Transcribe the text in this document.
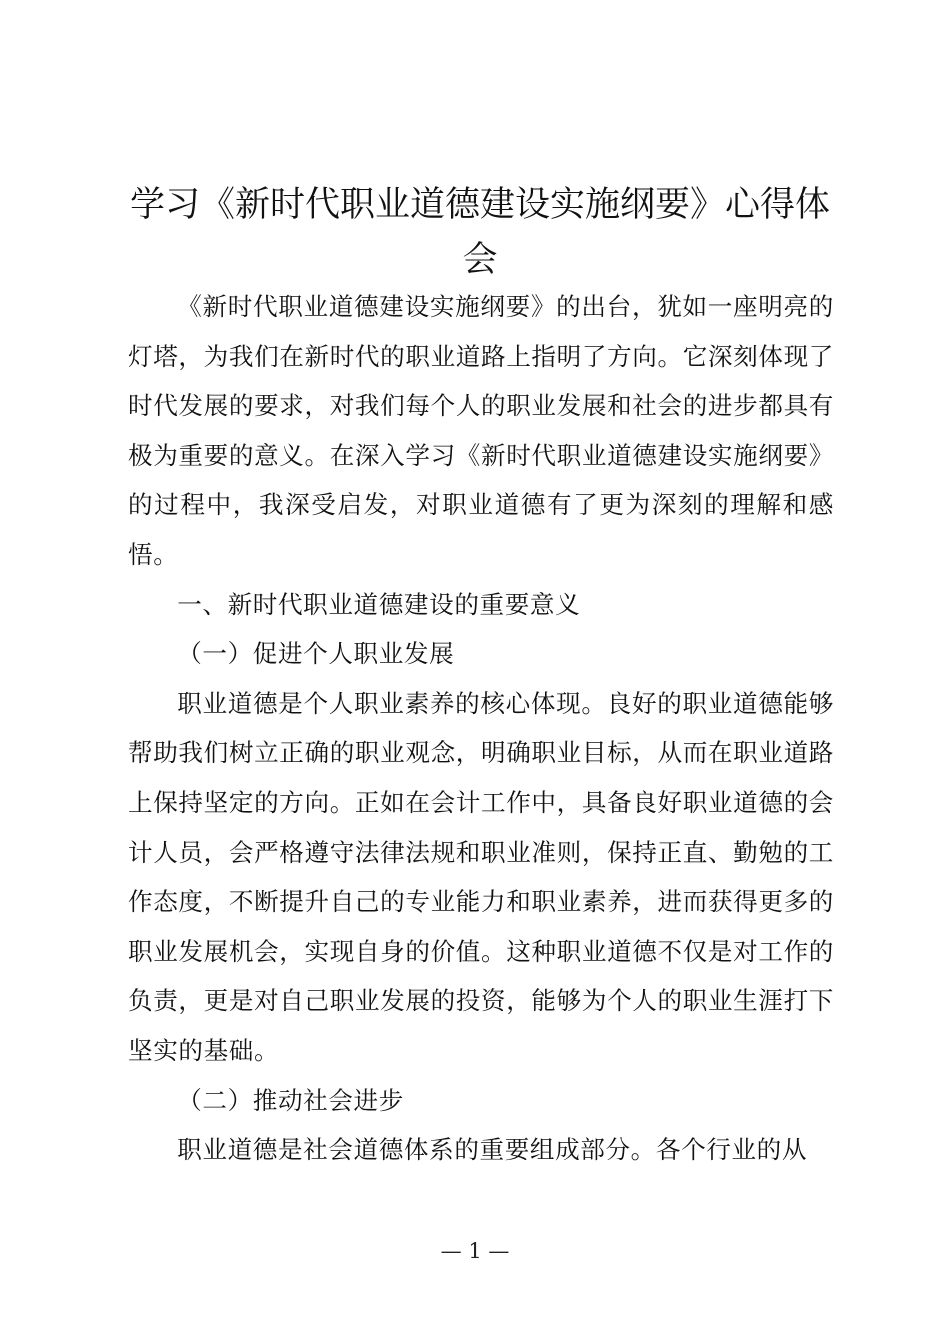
学习《新时代职业道德建设实施纲要》心得体会

《新时代职业道德建设实施纲要》的出台，犹如一座明亮的灯塔，为我们在新时代的职业道路上指明了方向。它深刻体现了时代发展的要求，对我们每个人的职业发展和社会的进步都具有极为重要的意义。在深入学习《新时代职业道德建设实施纲要》的过程中，我深受启发，对职业道德有了更为深刻的理解和感悟。

一、新时代职业道德建设的重要意义

（一）促进个人职业发展

职业道德是个人职业素养的核心体现。良好的职业道德能够帮助我们树立正确的职业观念，明确职业目标，从而在职业道路上保持坚定的方向。正如在会计工作中，具备良好职业道德的会计人员，会严格遵守法律法规和职业准则，保持正直、勤勉的工作态度，不断提升自己的专业能力和职业素养，进而获得更多的职业发展机会，实现自身的价值。这种职业道德不仅是对工作的负责，更是对自己职业发展的投资，能够为个人的职业生涯打下坚实的基础。

（二）推动社会进步

职业道德是社会道德体系的重要组成部分。各个行业的从

— 1 —
